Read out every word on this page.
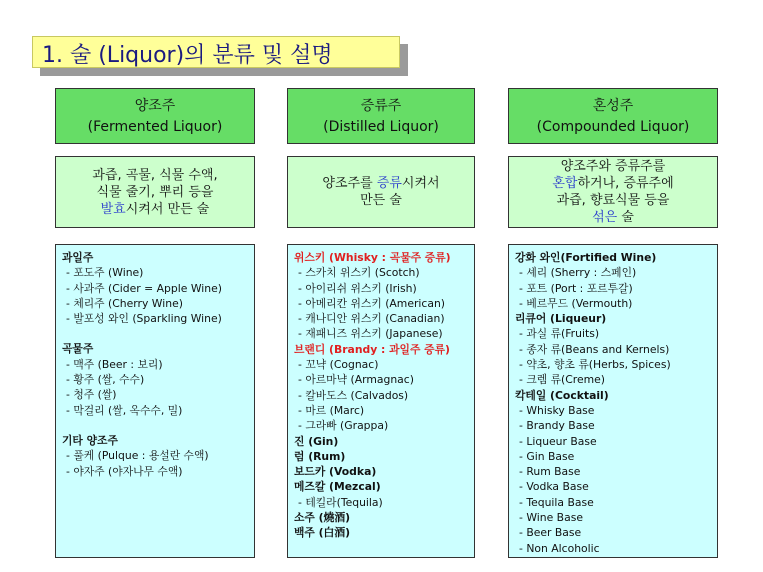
1. 술 (Liquor)의 분류 및 설명
양조주
(Fermented Liquor)
과즙, 곡물, 식물 수액,
식물 줄기, 뿌리 등을
발효시켜서 만든 술
과일주
- 포도주 (Wine)
- 사과주 (Cider = Apple Wine)
- 체리주 (Cherry Wine)
- 발포성 와인 (Sparkling Wine)
곡물주
- 맥주 (Beer : 보리)
- 황주 (쌀, 수수)
- 청주 (쌀)
- 막걸리 (쌀, 옥수수, 밀)
기타 양조주
- 풀케 (Pulque : 용설란 수액)
- 야자주 (야자나무 수액)
증류주
(Distilled Liquor)
양조주를 증류시켜서
만든 술
위스키 (Whisky : 곡물주 증류)
- 스카치 위스키 (Scotch)
- 아이리쉬 위스키 (Irish)
- 아메리칸 위스키 (American)
- 캐나디안 위스키 (Canadian)
- 재패니즈 위스키 (Japanese)
브랜디 (Brandy : 과일주 증류)
- 꼬냑 (Cognac)
- 아르마냑 (Armagnac)
- 칼바도스 (Calvados)
- 마르 (Marc)
- 그라빠 (Grappa)
진 (Gin)
럼 (Rum)
보드카 (Vodka)
메즈칼 (Mezcal)
- 테킬라(Tequila)
소주 (燒酒)
백주 (白酒)
혼성주
(Compounded Liquor)
양조주와 증류주를
혼합하거나, 증류주에
과즙, 향료식물 등을
섞은 술
강화 와인(Fortified Wine)
- 셰리 (Sherry : 스페인)
- 포트 (Port : 포르투갈)
- 베르무드 (Vermouth)
리큐어 (Liqueur)
- 과실 류(Fruits)
- 종자 류(Beans and Kernels)
- 약초, 향초 류(Herbs, Spices)
- 크렘 류(Creme)
칵테일 (Cocktail)
- Whisky Base
- Brandy Base
- Liqueur Base
- Gin Base
- Rum Base
- Vodka Base
- Tequila Base
- Wine Base
- Beer Base
- Non Alcoholic
